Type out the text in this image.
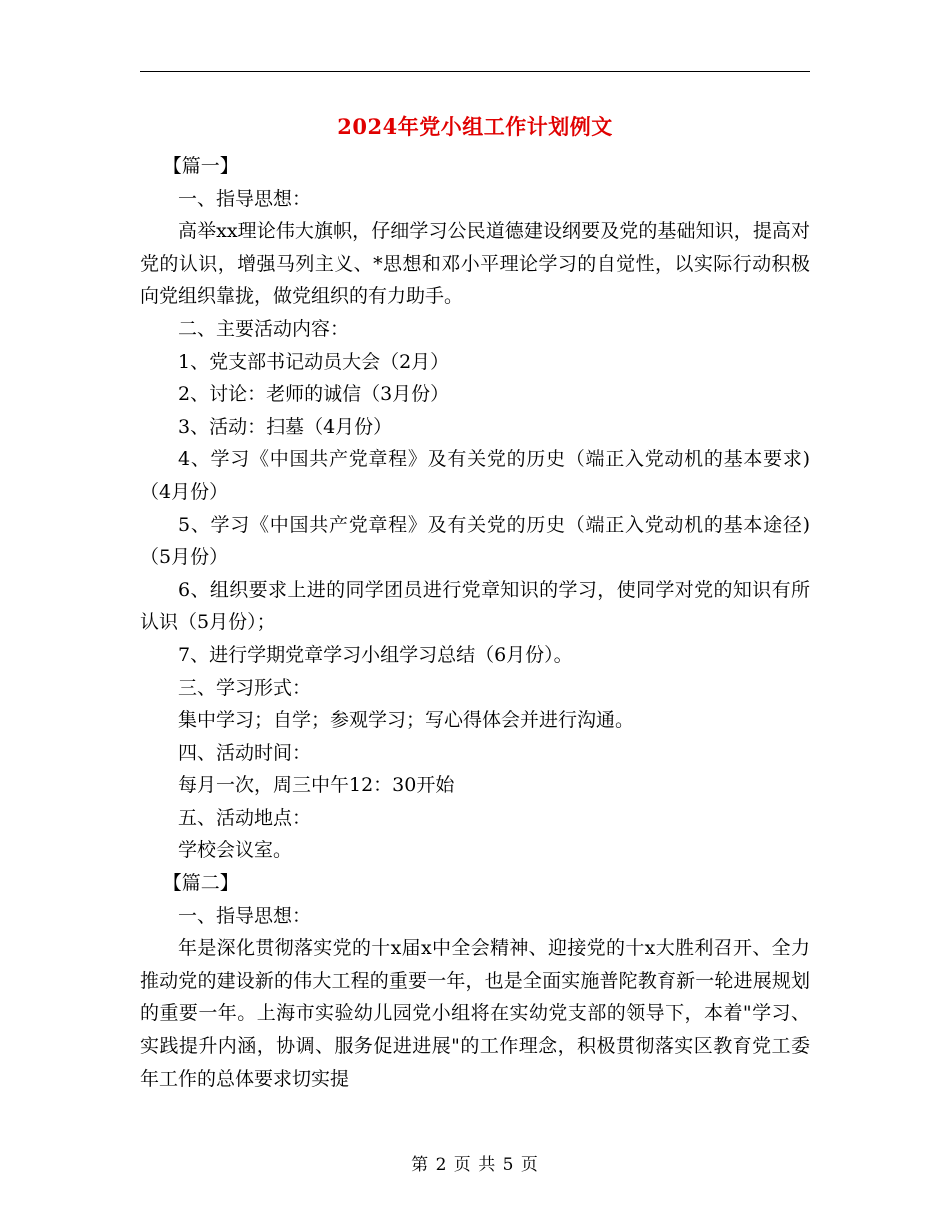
2024年党小组工作计划例文

【篇一】

一、指导思想：

高举xx理论伟大旗帜，仔细学习公民道德建设纲要及党的基础知识，提高对党的认识，增强马列主义、*思想和邓小平理论学习的自觉性，以实际行动积极向党组织靠拢，做党组织的有力助手。

二、主要活动内容：

1、党支部书记动员大会（2月）

2、讨论：老师的诚信（3月份）

3、活动：扫墓（4月份）

4、学习《中国共产党章程》及有关党的历史（端正入党动机的基本要求)（4月份）

5、学习《中国共产党章程》及有关党的历史（端正入党动机的基本途径)（5月份）

6、组织要求上进的同学团员进行党章知识的学习，使同学对党的知识有所认识（5月份）；

7、进行学期党章学习小组学习总结（6月份）。

三、学习形式：

集中学习；自学；参观学习；写心得体会并进行沟通。

四、活动时间：

每月一次，周三中午12：30开始

五、活动地点：

学校会议室。

【篇二】

一、指导思想：

年是深化贯彻落实党的十x届x中全会精神、迎接党的十x大胜利召开、全力推动党的建设新的伟大工程的重要一年，也是全面实施普陀教育新一轮进展规划的重要一年。上海市实验幼儿园党小组将在实幼党支部的领导下，本着"学习、实践提升内涵，协调、服务促进进展"的工作理念，积极贯彻落实区教育党工委年工作的总体要求切实提

第 2 页 共 5 页
